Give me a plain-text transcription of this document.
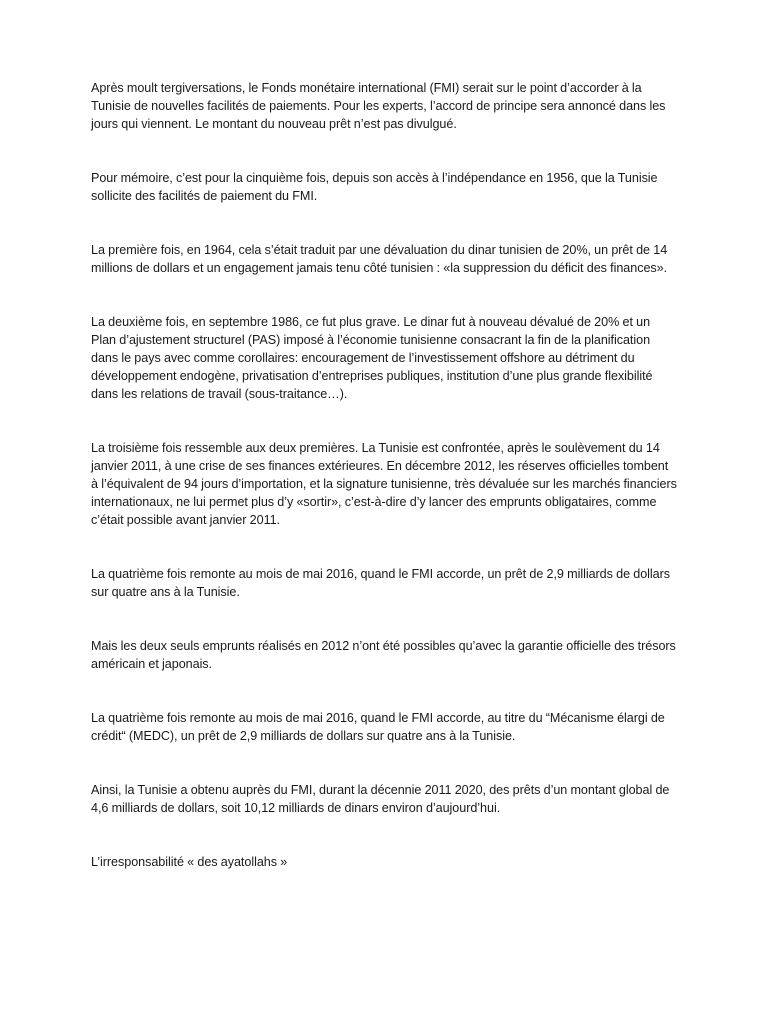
Après moult tergiversations, le Fonds monétaire international (FMI) serait sur le point d’accorder à la Tunisie de nouvelles facilités de paiements. Pour les experts, l’accord de principe sera annoncé dans les jours qui viennent. Le montant du nouveau prêt n’est pas divulgué.

Pour mémoire, c’est pour la cinquième fois, depuis son accès à l’indépendance en 1956, que la Tunisie sollicite des facilités de paiement du FMI.

La première fois, en 1964, cela s’était traduit par une dévaluation du dinar tunisien de 20%, un prêt de 14 millions de dollars et un engagement jamais tenu côté tunisien : «la suppression du déficit des finances».

La deuxième fois, en septembre 1986, ce fut plus grave. Le dinar fut à nouveau dévalué de 20% et un Plan d’ajustement structurel (PAS) imposé à l’économie tunisienne consacrant la fin de la planification dans le pays avec comme corollaires: encouragement de l’investissement offshore au détriment du développement endogène, privatisation d’entreprises publiques, institution d’une plus grande flexibilité dans les relations de travail (sous-traitance…).

La troisième fois ressemble aux deux premières. La Tunisie est confrontée, après le soulèvement du 14 janvier 2011, à une crise de ses finances extérieures. En décembre 2012, les réserves officielles tombent à l’équivalent de 94 jours d’importation, et la signature tunisienne, très dévaluée sur les marchés financiers internationaux, ne lui permet plus d’y «sortir», c’est-à-dire d’y lancer des emprunts obligataires, comme c’était possible avant janvier 2011.

La quatrième fois remonte au mois de mai 2016, quand le FMI accorde, un prêt de 2,9 milliards de dollars sur quatre ans à la Tunisie.

Mais les deux seuls emprunts réalisés en 2012 n’ont été possibles qu’avec la garantie officielle des trésors américain et japonais.

La quatrième fois remonte au mois de mai 2016, quand le FMI accorde, au titre du “Mécanisme élargi de crédit“ (MEDC), un prêt de 2,9 milliards de dollars sur quatre ans à la Tunisie.

Ainsi, la Tunisie a obtenu auprès du FMI, durant la décennie 2011 2020, des prêts d’un montant global de 4,6 milliards de dollars, soit 10,12 milliards de dinars environ d’aujourd’hui.

L’irresponsabilité « des ayatollahs »
